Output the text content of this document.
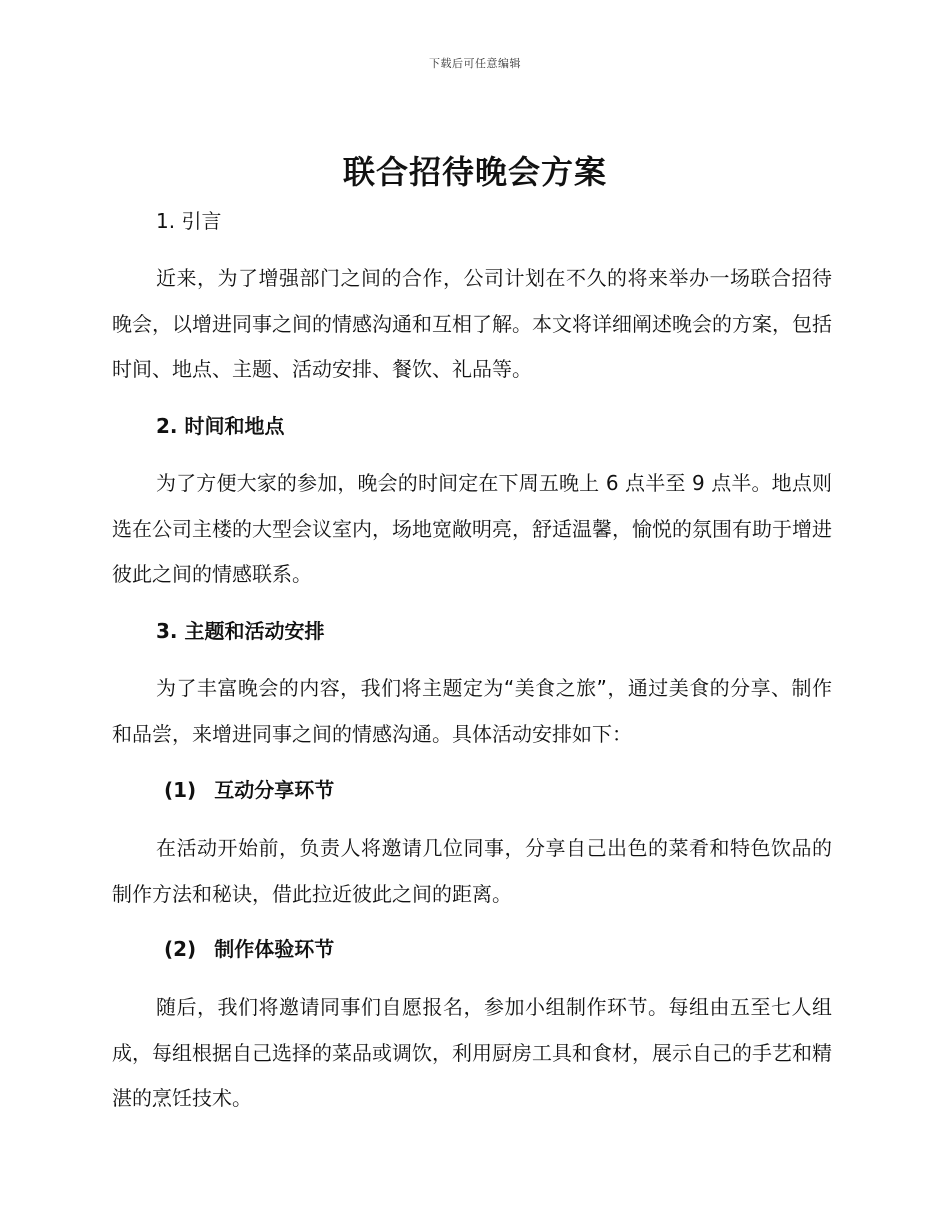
下载后可任意编辑
联合招待晚会方案
1. 引言

近来，为了增强部门之间的合作，公司计划在不久的将来举办一场联合招待晚会，以增进同事之间的情感沟通和互相了解。本文将详细阐述晚会的方案，包括时间、地点、主题、活动安排、餐饮、礼品等。

2. 时间和地点

为了方便大家的参加，晚会的时间定在下周五晚上 6 点半至 9 点半。地点则选在公司主楼的大型会议室内，场地宽敞明亮，舒适温馨，愉悦的氛围有助于增进彼此之间的情感联系。

3. 主题和活动安排

为了丰富晚会的内容，我们将主题定为“美食之旅”，通过美食的分享、制作和品尝，来增进同事之间的情感沟通。具体活动安排如下：

(1) 互动分享环节

在活动开始前，负责人将邀请几位同事，分享自己出色的菜肴和特色饮品的制作方法和秘诀，借此拉近彼此之间的距离。

(2) 制作体验环节

随后，我们将邀请同事们自愿报名，参加小组制作环节。每组由五至七人组成，每组根据自己选择的菜品或调饮，利用厨房工具和食材，展示自己的手艺和精湛的烹饪技术。
